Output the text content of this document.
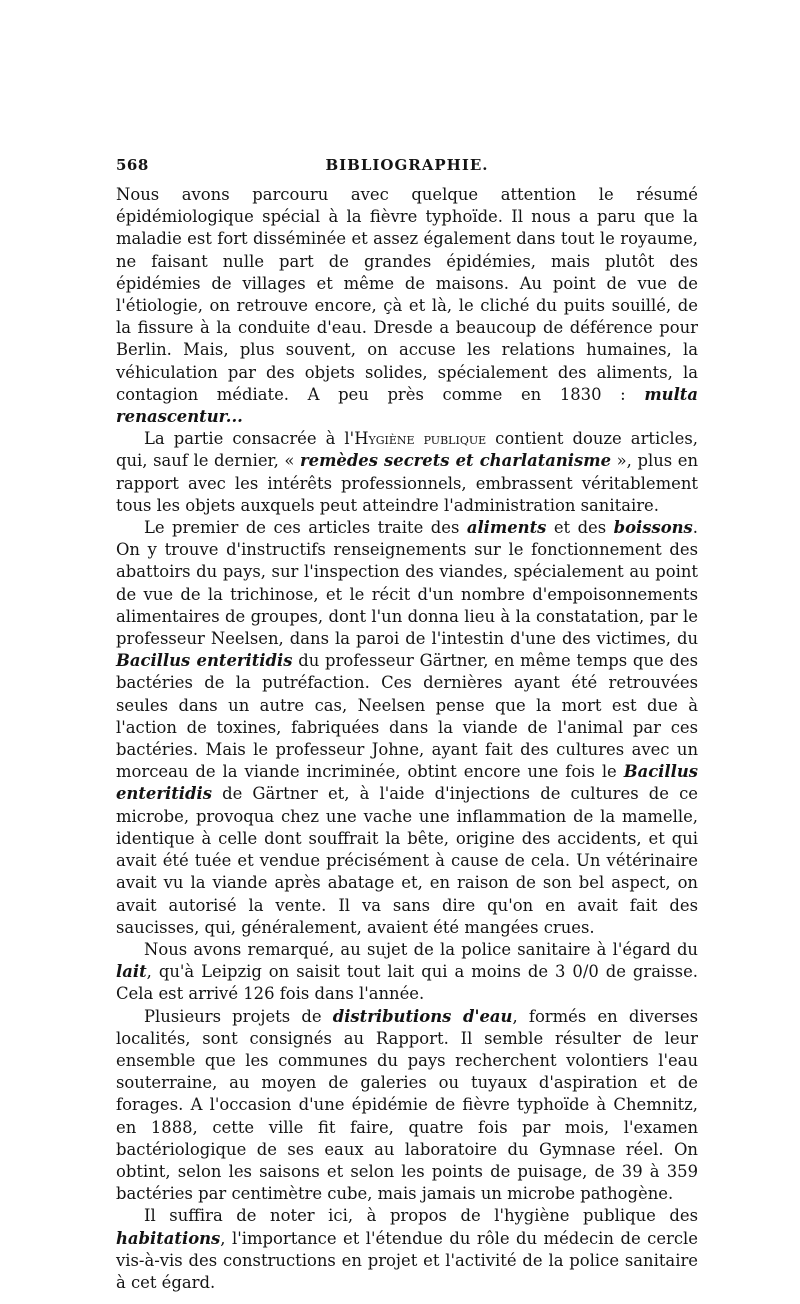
568	BIBLIOGRAPHIE.

Nous avons parcouru avec quelque attention le résumé épidémiologique spécial à la fièvre typhoïde. Il nous a paru que la maladie est fort disséminée et assez également dans tout le royaume, ne faisant nulle part de grandes épidémies, mais plutôt des épidémies de villages et même de maisons. Au point de vue de l'étiologie, on retrouve encore, çà et là, le cliché du puits souillé, de la fissure à la conduite d'eau. Dresde a beaucoup de déférence pour Berlin. Mais, plus souvent, on accuse les relations humaines, la véhiculation par des objets solides, spécialement des aliments, la contagion médiate. A peu près comme en 1830 : multa renascentur...

La partie consacrée à l'Hygiène publique contient douze articles, qui, sauf le dernier, « remèdes secrets et charlatanisme », plus en rapport avec les intérêts professionnels, embrassent véritablement tous les objets auxquels peut atteindre l'administration sanitaire.

Le premier de ces articles traite des aliments et des boissons. On y trouve d'instructifs renseignements sur le fonctionnement des abattoirs du pays, sur l'inspection des viandes, spécialement au point de vue de la trichinose, et le récit d'un nombre d'empoisonnements alimentaires de groupes, dont l'un donna lieu à la constatation, par le professeur Neelsen, dans la paroi de l'intestin d'une des victimes, du Bacillus enteritidis du professeur Gärtner, en même temps que des bactéries de la putréfaction. Ces dernières ayant été retrouvées seules dans un autre cas, Neelsen pense que la mort est due à l'action de toxines, fabriquées dans la viande de l'animal par ces bactéries. Mais le professeur Johne, ayant fait des cultures avec un morceau de la viande incriminée, obtint encore une fois le Bacillus enteritidis de Gärtner et, à l'aide d'injections de cultures de ce microbe, provoqua chez une vache une inflammation de la mamelle, identique à celle dont souffrait la bête, origine des accidents, et qui avait été tuée et vendue précisément à cause de cela. Un vétérinaire avait vu la viande après abatage et, en raison de son bel aspect, on avait autorisé la vente. Il va sans dire qu'on en avait fait des saucisses, qui, généralement, avaient été mangées crues.

Nous avons remarqué, au sujet de la police sanitaire à l'égard du lait, qu'à Leipzig on saisit tout lait qui a moins de 3 0/0 de graisse. Cela est arrivé 126 fois dans l'année.

Plusieurs projets de distributions d'eau, formés en diverses localités, sont consignés au Rapport. Il semble résulter de leur ensemble que les communes du pays recherchent volontiers l'eau souterraine, au moyen de galeries ou tuyaux d'aspiration et de forages. A l'occasion d'une épidémie de fièvre typhoïde à Chemnitz, en 1888, cette ville fit faire, quatre fois par mois, l'examen bactériologique de ses eaux au laboratoire du Gymnase réel. On obtint, selon les saisons et selon les points de puisage, de 39 à 359 bactéries par centimètre cube, mais jamais un microbe pathogène.

Il suffira de noter ici, à propos de l'hygiène publique des habitations, l'importance et l'étendue du rôle du médecin de cercle vis-à-vis des constructions en projet et l'activité de la police sanitaire à cet égard.
